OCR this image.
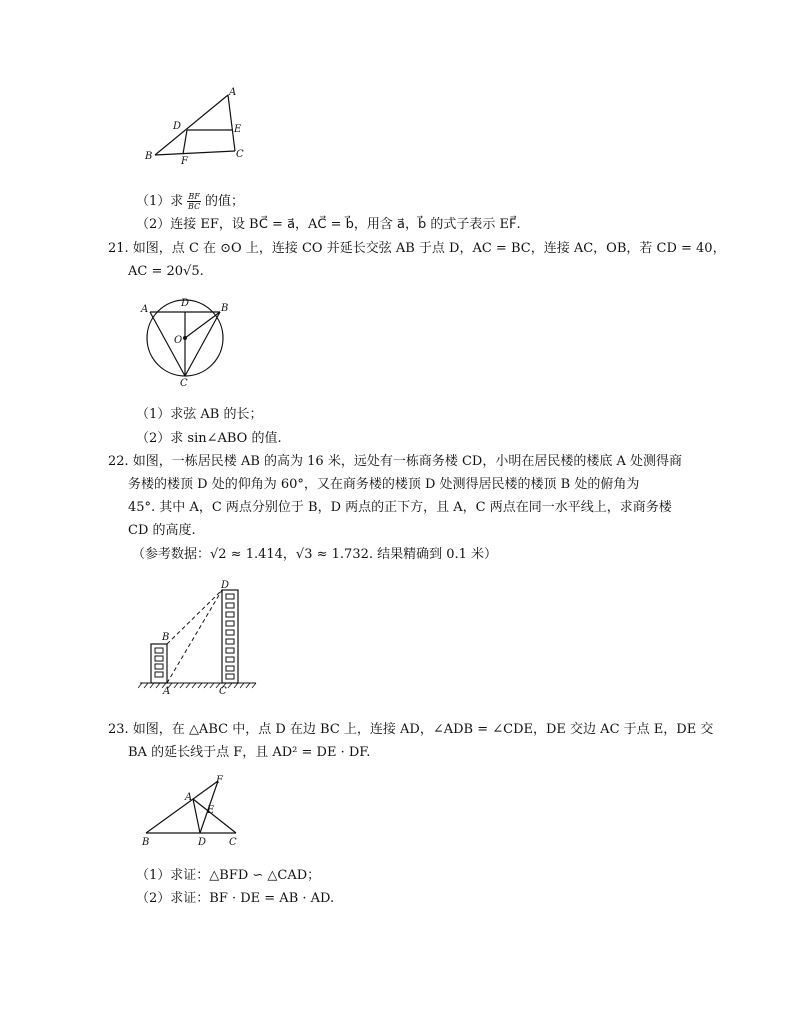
A
B	C
D	E
F
（1）求 $\frac{BF}{BC}$ 的值；
（2）连接 EF，设 BC⃗ = a⃗，AC⃗ = b⃗，用含 a⃗，b⃗ 的式子表示 EF⃗.
21. 如图，点 C 在 ⊙O 上，连接 CO 并延长交弦 AB 于点 D，AC = BC，连接 AC，OB，若 CD = 40，
AC = 20√5.
A	B
C
D
O
（1）求弦 AB 的长；
（2）求 sin∠ABO 的值.
22. 如图，一栋居民楼 AB 的高为 16 米，远处有一栋商务楼 CD，小明在居民楼的楼底 A 处测得商
务楼的楼顶 D 处的仰角为 60°，又在商务楼的楼顶 D 处测得居民楼的楼顶 B 处的俯角为
45°. 其中 A，C 两点分别位于 B，D 两点的正下方，且 A，C 两点在同一水平线上，求商务楼
CD 的高度.
（参考数据：√2 ≈ 1.414，√3 ≈ 1.732. 结果精确到 0.1 米）
A
B
C
D
23. 如图，在 △ABC 中，点 D 在边 BC 上，连接 AD，∠ADB = ∠CDE，DE 交边 AC 于点 E，DE 交
BA 的延长线于点 F，且 AD² = DE · DF.
A
B	C
D
E
F
（1）求证：△BFD ∽ △CAD；
（2）求证：BF · DE = AB · AD.
